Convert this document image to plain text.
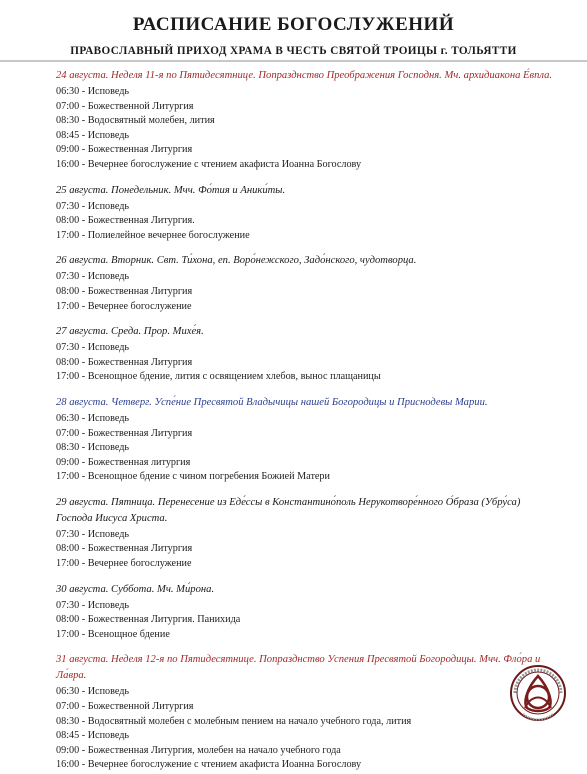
РАСПИСАНИЕ БОГОСЛУЖЕНИЙ
ПРАВОСЛАВНЫЙ ПРИХОД ХРАМА В ЧЕСТЬ СВЯТОЙ ТРОИЦЫ г. ТОЛЬЯТТИ
24 августа. Неделя 11-я по Пятидесятнице. Попразднство Преображения Господня. Мч. архидиакона Е́впла.
06:30 - Исповедь
07:00 - Божественной Литургия
08:30 - Водосвятный молебен, лития
08:45 - Исповедь
09:00 - Божественная Литургия
16:00 - Вечернее богослужение с чтением акафиста Иоанна Богослову
25 августа. Понедельник. Мчч. Фо́тия и Аники́ты.
07:30 - Исповедь
08:00 - Божественная Литургия.
17:00 - Полиелейное вечернее богослужение
26 августа. Вторник. Свт. Ти́хона, еп. Воро́нежского, Задо́нского, чудотворца.
07:30 - Исповедь
08:00 - Божественная Литургия
17:00 - Вечернее богослужение
27 августа. Среда. Прор. Михе́я.
07:30 - Исповедь
08:00 - Божественная Литургия
17:00 - Всенощное бдение, лития с освящением хлебов, вынос плащаницы
28 августа. Четверг. Успе́ние Пресвятой Владычицы нашей Богородицы и Приснодевы Марии.
06:30 - Исповедь
07:00 - Божественная Литургия
08:30 - Исповедь
09:00 - Божественная литургия
17:00 - Всенощное бдение с чином погребения Божией Матери
29 августа. Пятница. Перенесение из Еде́ссы в Константино́поль Нерукотворе́нного О́браза (Убру́са) Господа Иисуса Христа.
07:30 - Исповедь
08:00 - Божественная Литургия
17:00 - Вечернее богослужение
30 августа. Суббота. Мч. Ми́рона.
07:30 - Исповедь
08:00 - Божественная Литургия. Панихида
17:00 - Всенощное бдение
31 августа. Неделя 12-я по Пятидесятнице. Попразднство Успения Пресвятой Богородицы. Мчч. Фло́ра и Ла́вра.
06:30 - Исповедь
07:00 - Божественной Литургия
08:30 - Водосвятный молебен с молебным пением на начало учебного года, лития
08:45 - Исповедь
09:00 - Божественная Литургия, молебен на начало учебного года
16:00 - Вечернее богослужение с чтением акафиста Иоанна Богослову
